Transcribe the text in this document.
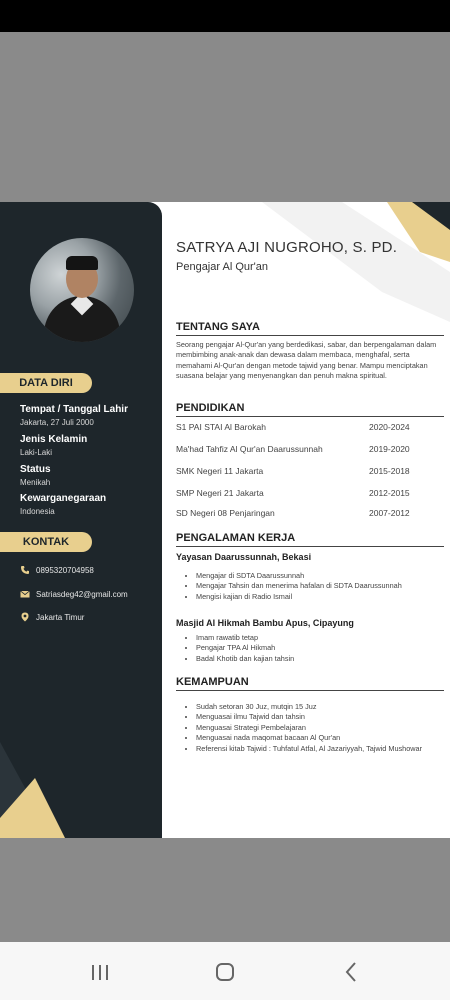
DATA DIRI
Tempat / Tanggal Lahir
Jakarta, 27 Juli 2000
Jenis Kelamin
Laki-Laki
Status
Menikah
Kewarganegaraan
Indonesia
KONTAK
0895320704958
Satriasdeg42@gmail.com
Jakarta Timur
SATRYA AJI NUGROHO, S. PD.
Pengajar Al Qur'an
TENTANG SAYA
Seorang pengajar Al-Qur'an yang berdedikasi, sabar, dan berpengalaman dalam membimbing anak-anak dan dewasa dalam membaca, menghafal, serta memahami Al-Qur'an dengan metode tajwid yang benar. Mampu menciptakan suasana belajar yang menyenangkan dan penuh makna spiritual.
PENDIDIKAN
S1 PAI STAI Al Barokah	2020-2024
Ma'had Tahfiz Al Qur'an Daarussunnah	2019-2020
SMK Negeri 11 Jakarta	2015-2018
SMP Negeri 21 Jakarta	2012-2015
SD Negeri 08 Penjaringan	2007-2012
PENGALAMAN KERJA
Yayasan Daarussunnah, Bekasi
• Mengajar di SDTA Daarussunnah
• Mengajar Tahsin dan menerima hafalan di SDTA Daarussunnah
• Mengisi kajian di Radio Ismail
Masjid Al Hikmah Bambu Apus, Cipayung
• Imam rawatib tetap
• Pengajar TPA Al Hikmah
• Badal Khotib dan kajian tahsin
KEMAMPUAN
• Sudah setoran 30 Juz, mutqin 15 Juz
• Menguasai ilmu Tajwid dan tahsin
• Menguasai Strategi Pembelajaran
• Menguasai nada maqomat bacaan Al Qur'an
• Referensi kitab Tajwid : Tuhfatul Atfal, Al Jazariyyah, Tajwid Mushowar
